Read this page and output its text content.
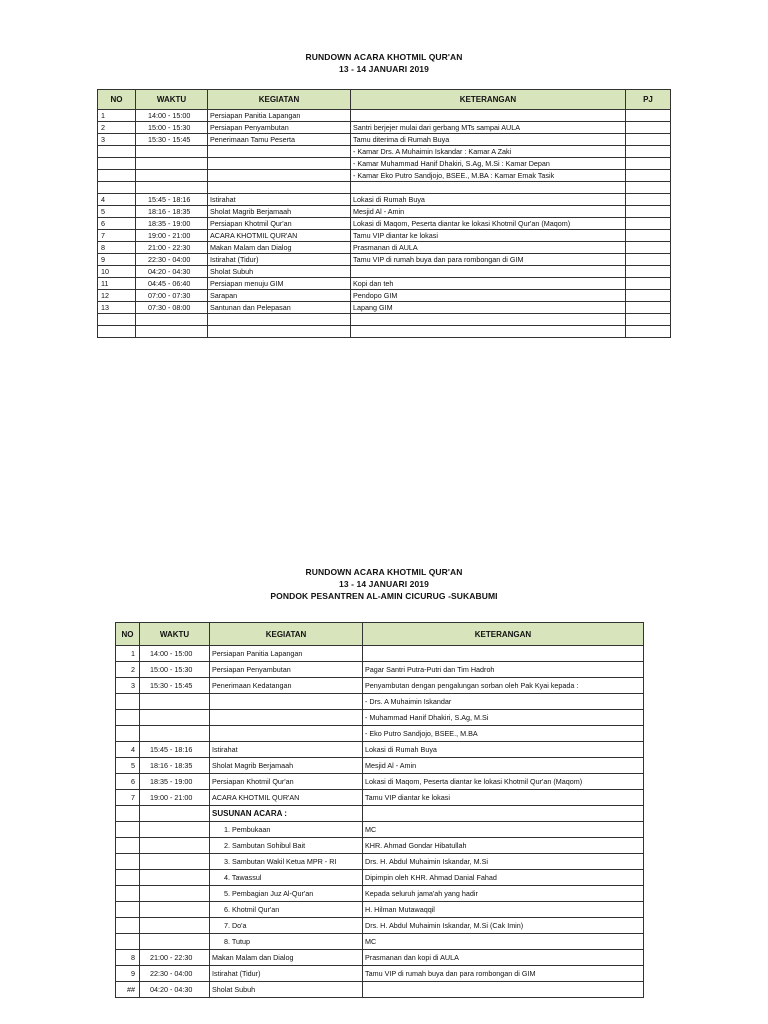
RUNDOWN ACARA KHOTMIL QUR'AN
13 - 14 JANUARI 2019
NO	WAKTU	KEGIATAN	KETERANGAN	PJ
1	14:00 - 15:00	Persiapan Panitia Lapangan		
2	15:00 - 15:30	Persiapan Penyambutan	Santri berjejer mulai dari gerbang MTs sampai AULA	
3	15:30 - 15:45	Penerimaan Tamu Peserta	Tamu diterima di Rumah Buya	
			- Kamar Drs. A Muhaimin Iskandar : Kamar A Zaki	
			- Kamar Muhammad Hanif Dhakiri, S.Ag, M.Si : Kamar Depan	
			- Kamar Eko Putro Sandjojo, BSEE., M.BA : Kamar Emak Tasik	

4	15:45 - 18:16	Istirahat	Lokasi di Rumah Buya	
5	18:16 - 18:35	Sholat Magrib Berjamaah	Mesjid Al - Amin	
6	18:35 - 19:00	Persiapan Khotmil Qur'an	Lokasi di Maqom, Peserta diantar ke lokasi Khotmil Qur'an (Maqom)	
7	19:00 - 21:00	ACARA KHOTMIL QUR'AN	Tamu VIP diantar ke lokasi	
8	21:00 - 22:30	Makan Malam dan Dialog	Prasmanan di AULA	
9	22:30 - 04:00	Istirahat (Tidur)	Tamu VIP di rumah buya dan para rombongan di GIM	
10	04:20 - 04:30	Sholat Subuh		
11	04:45 - 06:40	Persiapan menuju GIM	Kopi dan teh	
12	07:00 - 07:30	Sarapan	Pendopo GIM	
13	07:30 - 08:00	Santunan dan Pelepasan	Lapang GIM	

RUNDOWN ACARA KHOTMIL QUR'AN
13 - 14 JANUARI 2019
PONDOK PESANTREN AL-AMIN CICURUG -SUKABUMI
NO	WAKTU	KEGIATAN	KETERANGAN
1	14:00 - 15:00	Persiapan Panitia Lapangan	
2	15:00 - 15:30	Persiapan Penyambutan	Pagar Santri Putra-Putri dan Tim Hadroh
3	15:30 - 15:45	Penerimaan Kedatangan	Penyambutan dengan pengalungan sorban oleh Pak Kyai kepada :
			- Drs. A Muhaimin Iskandar
			- Muhammad Hanif Dhakiri, S.Ag, M.Si
			- Eko Putro Sandjojo, BSEE., M.BA
4	15:45 - 18:16	Istirahat	Lokasi di Rumah Buya
5	18:16 - 18:35	Sholat Magrib Berjamaah	Mesjid Al - Amin
6	18:35 - 19:00	Persiapan Khotmil Qur'an	Lokasi di Maqom, Peserta diantar ke lokasi Khotmil Qur'an (Maqom)
7	19:00 - 21:00	ACARA KHOTMIL QUR'AN	Tamu VIP diantar ke lokasi
		SUSUNAN ACARA :	
		1. Pembukaan	MC
		2. Sambutan Sohibul Bait	KHR. Ahmad Gondar Hibatullah
		3. Sambutan Wakil Ketua MPR - RI	Drs. H. Abdul Muhaimin Iskandar, M.Si
		4. Tawassul	Dipimpin oleh KHR. Ahmad Danial Fahad
		5. Pembagian Juz Al-Qur'an	Kepada seluruh jama'ah yang hadir
		6. Khotmil Qur'an	H. Hilman Mutawaqqil
		7. Do'a	Drs. H. Abdul Muhaimin Iskandar, M.Si (Cak Imin)
		8. Tutup	MC
8	21:00 - 22:30	Makan Malam dan Dialog	Prasmanan dan kopi di AULA
9	22:30 - 04:00	Istirahat (Tidur)	Tamu VIP di rumah buya dan para rombongan di GIM
##	04:20 - 04:30	Sholat Subuh	
